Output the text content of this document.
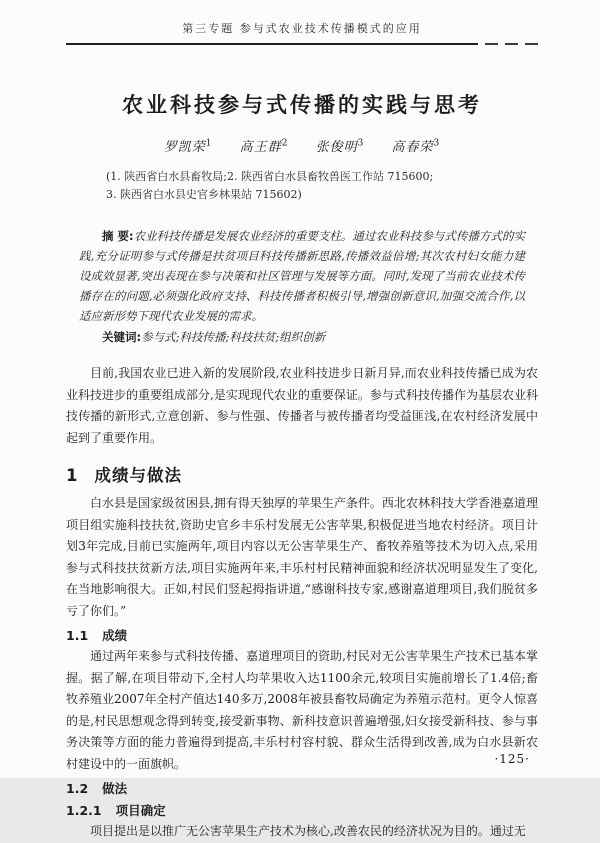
第三专题 参与式农业技术传播模式的应用
农业科技参与式传播的实践与思考
罗凯荣$^1$ 高王群$^2$ 张俊明$^3$ 高春荣$^3$
(1. 陕西省白水县畜牧局;2. 陕西省白水县畜牧兽医工作站 715600;
3. 陕西省白水县史官乡林果站 715602)

摘 要:农业科技传播是发展农业经济的重要支柱。通过农业科技参与式传播方式的实践,充分证明参与式传播是扶贫项目科技传播新思路,传播效益倍增;其次农村妇女能力建设成效显著,突出表现在参与决策和社区管理与发展等方面。同时,发现了当前农业技术传播存在的问题,必须强化政府支持、科技传播者积极引导,增强创新意识,加强交流合作,以适应新形势下现代农业发展的需求。

关键词:参与式;科技传播;科技扶贫;组织创新

目前,我国农业已进入新的发展阶段,农业科技进步日新月异,而农业科技传播已成为农业科技进步的重要组成部分,是实现现代农业的重要保证。参与式科技传播作为基层农业科技传播的新形式,立意创新、参与性强、传播者与被传播者均受益匪浅,在农村经济发展中起到了重要作用。

1 成绩与做法

白水县是国家级贫困县,拥有得天独厚的苹果生产条件。西北农林科技大学香港嘉道理项目组实施科技扶贫,资助史官乡丰乐村发展无公害苹果,积极促进当地农村经济。项目计划3年完成,目前已实施两年,项目内容以无公害苹果生产、畜牧养殖等技术为切入点,采用参与式科技扶贫新方法,项目实施两年来,丰乐村村民精神面貌和经济状况明显发生了变化,在当地影响很大。正如,村民们竖起拇指讲道,“感谢科技专家,感谢嘉道理项目,我们脱贫多亏了你们。”

1.1 成绩

通过两年来参与式科技传播、嘉道理项目的资助,村民对无公害苹果生产技术已基本掌握。据了解,在项目带动下,全村人均苹果收入达1100余元,较项目实施前增长了1.4倍;畜牧养殖业2007年全村产值达140多万,2008年被县畜牧局确定为养殖示范村。更令人惊喜的是,村民思想观念得到转变,接受新事物、新科技意识普遍增强,妇女接受新科技、参与事务决策等方面的能力普遍得到提高,丰乐村村容村貌、群众生活得到改善,成为白水县新农村建设中的一面旗帜。

1.2 做法
1.2.1 项目确定

项目提出是以推广无公害苹果生产技术为核心,改善农民的经济状况为目的。通过无

·125·
